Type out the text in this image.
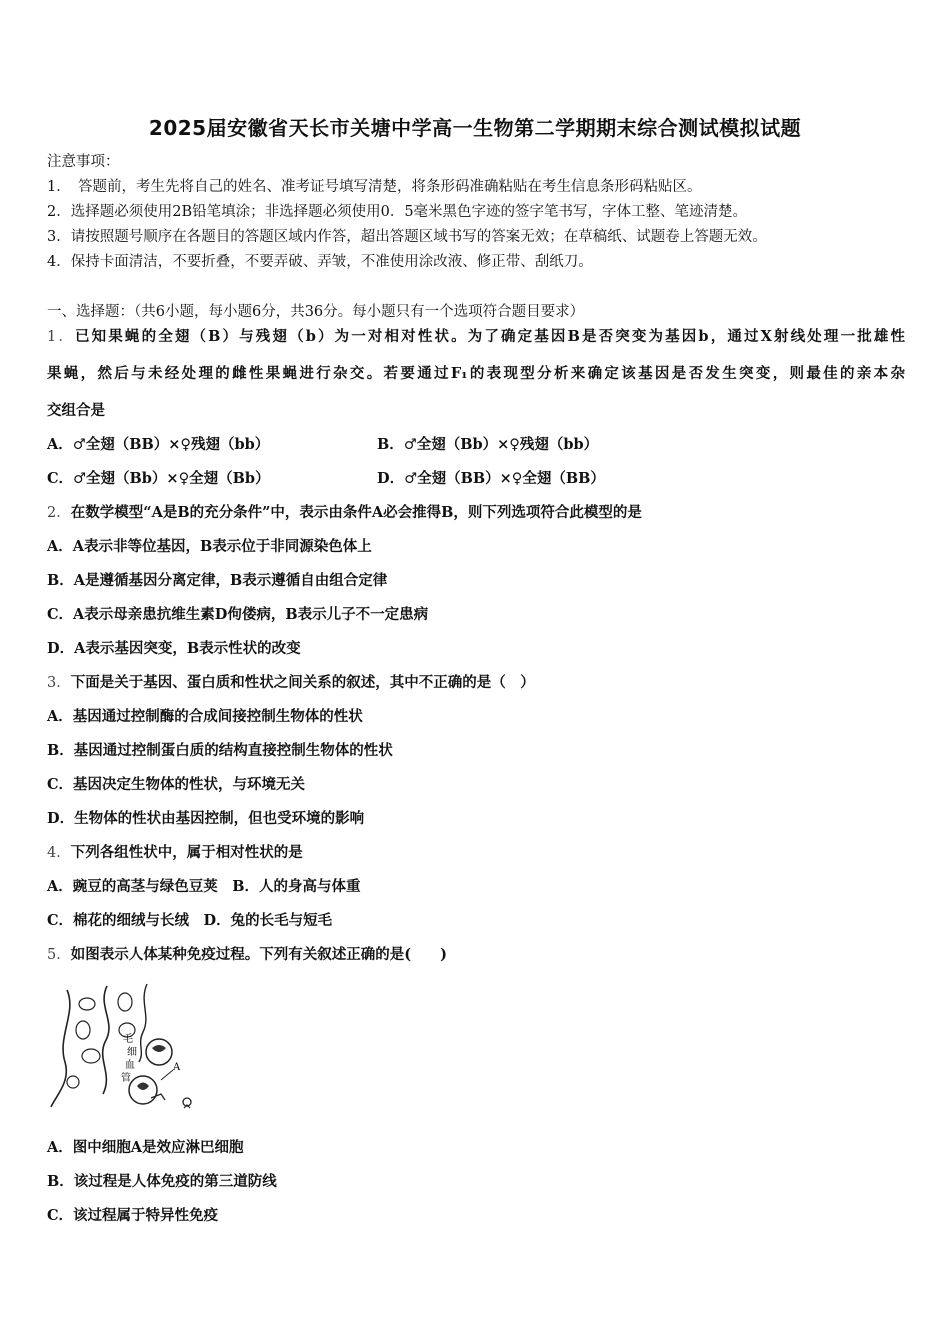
2025届安徽省天长市关塘中学高一生物第二学期期末综合测试模拟试题
注意事项：
1．　答题前，考生先将自己的姓名、准考证号填写清楚，将条形码准确粘贴在考生信息条形码粘贴区。
2．选择题必须使用2B铅笔填涂；非选择题必须使用0．5毫米黑色字迹的签字笔书写，字体工整、笔迹清楚。
3．请按照题号顺序在各题目的答题区域内作答，超出答题区域书写的答案无效；在草稿纸、试题卷上答题无效。
4．保持卡面清洁，不要折叠，不要弄破、弄皱，不准使用涂改液、修正带、刮纸刀。
一、选择题：（共6小题，每小题6分，共36分。每小题只有一个选项符合题目要求）
1．已知果蝇的全翅（B）与残翅（b）为一对相对性状。为了确定基因B是否突变为基因b，通过X射线处理一批雄性
果蝇，然后与未经处理的雌性果蝇进行杂交。若要通过F₁的表现型分析来确定该基因是否发生突变，则最佳的亲本杂
交组合是
A．♂全翅（BB）×♀残翅（bb）	B．♂全翅（Bb）×♀残翅（bb）
C．♂全翅（Bb）×♀全翅（Bb）	D．♂全翅（BB）×♀全翅（BB）
2．在数学模型“A是B的充分条件”中，表示由条件A必会推得B，则下列选项符合此模型的是
A．A表示非等位基因，B表示位于非同源染色体上
B．A是遵循基因分离定律，B表示遵循自由组合定律
C．A表示母亲患抗维生素D佝偻病，B表示儿子不一定患病
D．A表示基因突变，B表示性状的改变
3．下面是关于基因、蛋白质和性状之间关系的叙述，其中不正确的是（　）
A．基因通过控制酶的合成间接控制生物体的性状
B．基因通过控制蛋白质的结构直接控制生物体的性状
C．基因决定生物体的性状，与环境无关
D．生物体的性状由基因控制，但也受环境的影响
4．下列各组性状中，属于相对性状的是
A．豌豆的高茎与绿色豆荚　B．人的身高与体重
C．棉花的细绒与长绒　D．兔的长毛与短毛
5．如图表示人体某种免疫过程。下列有关叙述正确的是(　　)
毛
细
血
管
A
A．图中细胞A是效应淋巴细胞
B．该过程是人体免疫的第三道防线
C．该过程属于特异性免疫
